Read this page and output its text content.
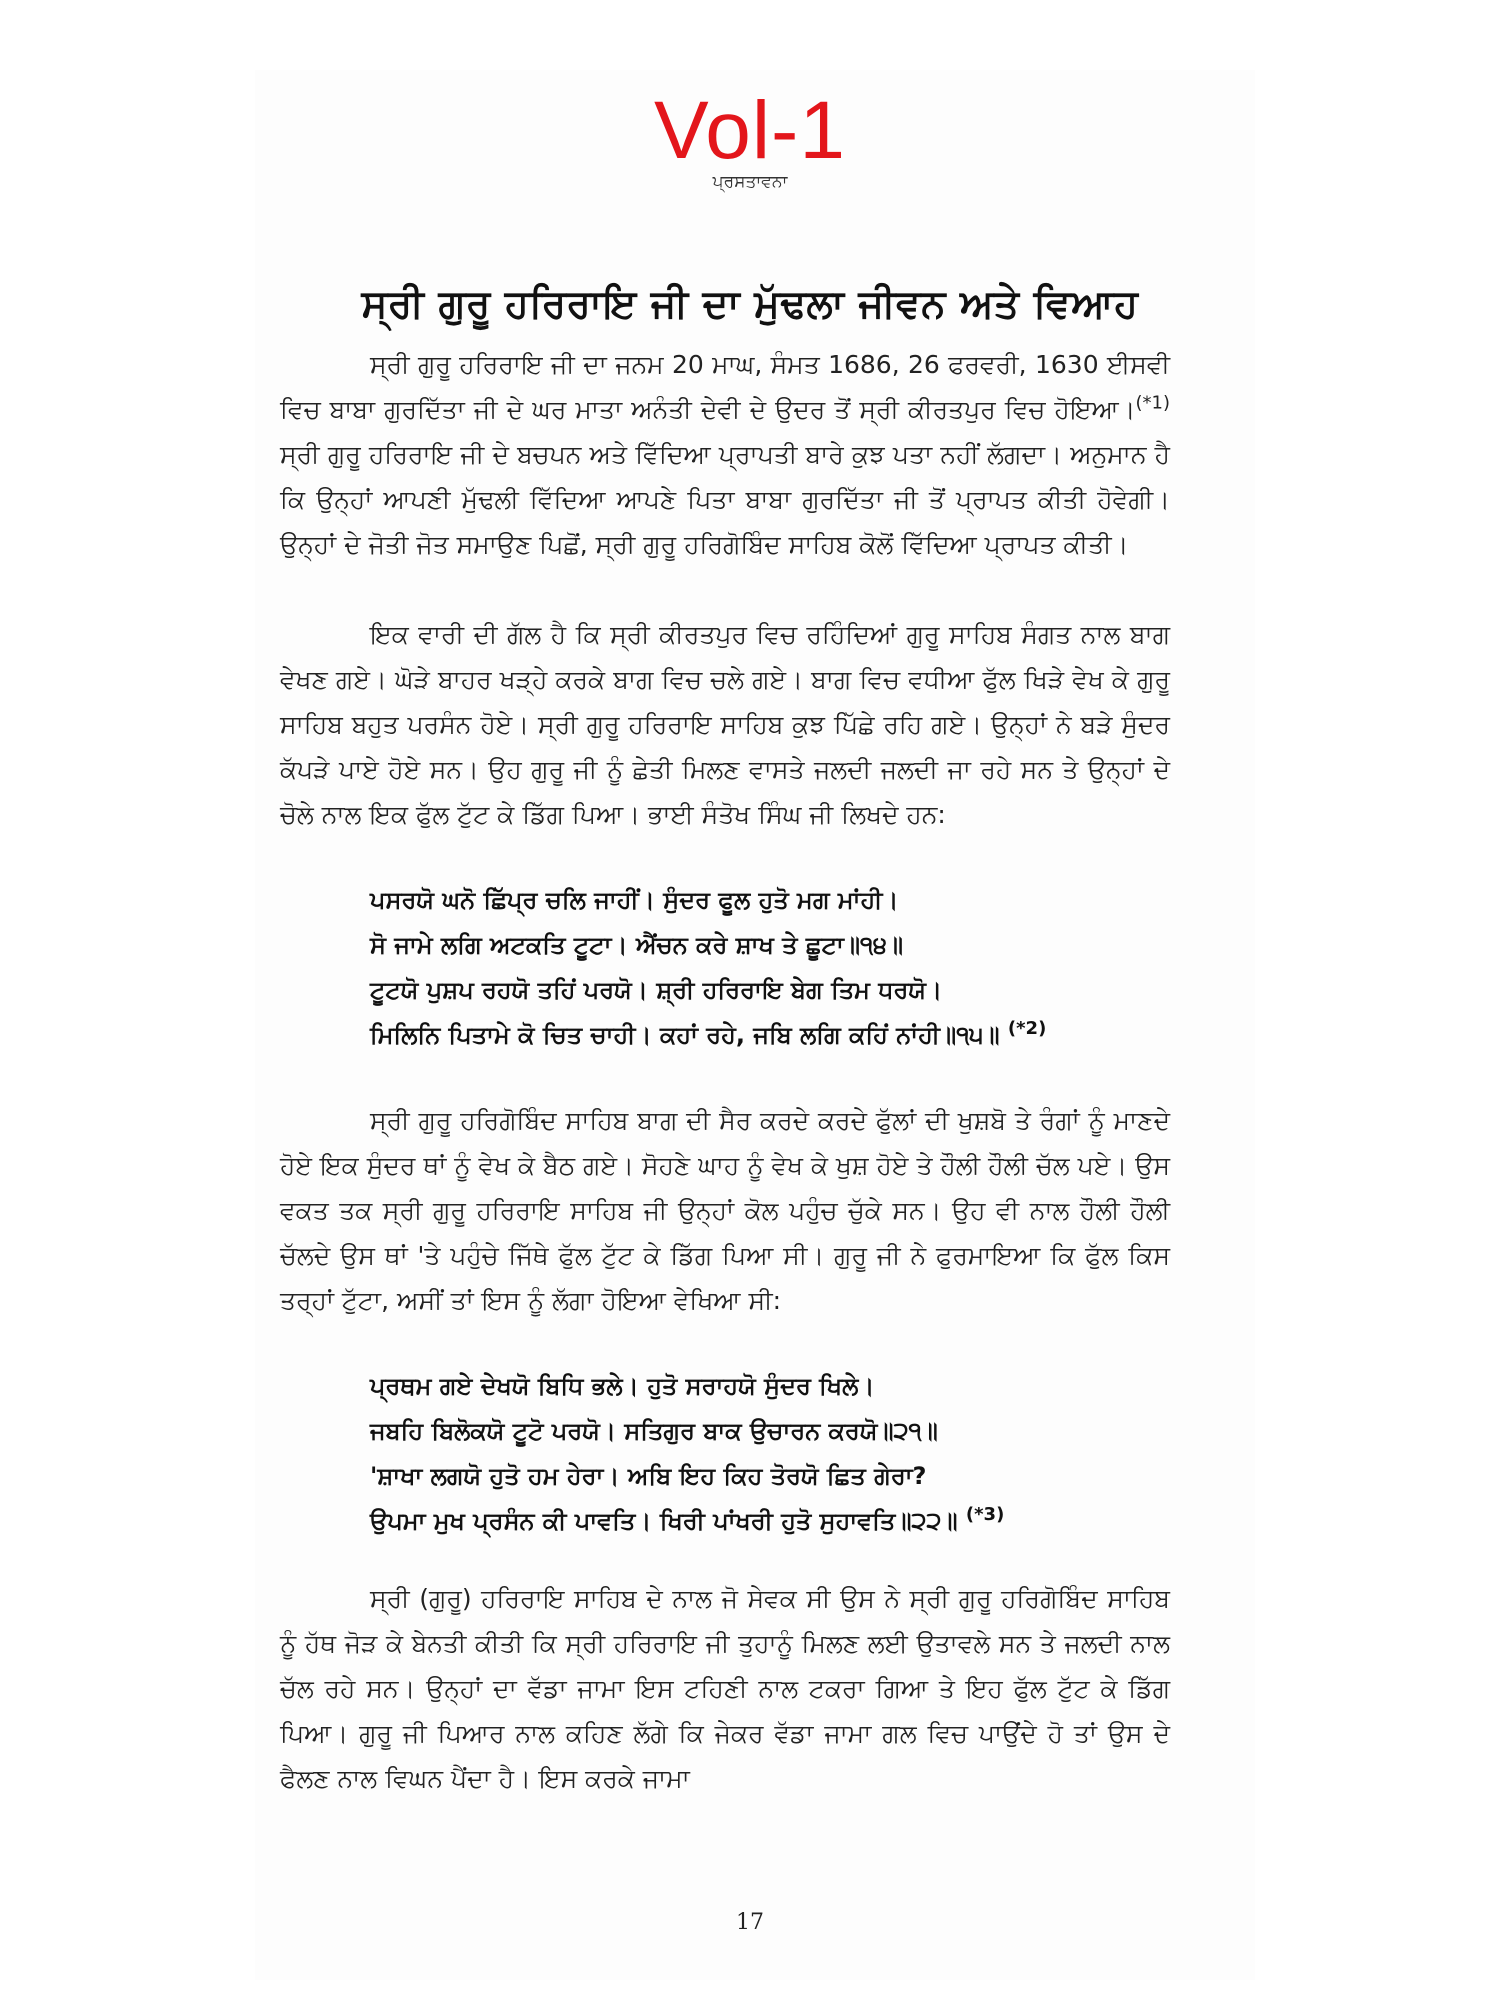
Vol-1
ਪ੍ਰਸਤਾਵਨਾ
ਸ੍ਰੀ ਗੁਰੂ ਹਰਿਰਾਇ ਜੀ ਦਾ ਮੁੱਢਲਾ ਜੀਵਨ ਅਤੇ ਵਿਆਹ
ਸ੍ਰੀ ਗੁਰੂ ਹਰਿਰਾਇ ਜੀ ਦਾ ਜਨਮ 20 ਮਾਘ, ਸੰਮਤ 1686, 26 ਫਰਵਰੀ, 1630 ਈਸਵੀ ਵਿਚ ਬਾਬਾ ਗੁਰਦਿੱਤਾ ਜੀ ਦੇ ਘਰ ਮਾਤਾ ਅਨੰਤੀ ਦੇਵੀ ਦੇ ਉਦਰ ਤੋਂ ਸ੍ਰੀ ਕੀਰਤਪੁਰ ਵਿਚ ਹੋਇਆ।$^{(*1)}$ ਸ੍ਰੀ ਗੁਰੂ ਹਰਿਰਾਇ ਜੀ ਦੇ ਬਚਪਨ ਅਤੇ ਵਿੱਦਿਆ ਪ੍ਰਾਪਤੀ ਬਾਰੇ ਕੁਝ ਪਤਾ ਨਹੀਂ ਲੱਗਦਾ। ਅਨੁਮਾਨ ਹੈ ਕਿ ਉਨ੍ਹਾਂ ਆਪਣੀ ਮੁੱਢਲੀ ਵਿੱਦਿਆ ਆਪਣੇ ਪਿਤਾ ਬਾਬਾ ਗੁਰਦਿੱਤਾ ਜੀ ਤੋਂ ਪ੍ਰਾਪਤ ਕੀਤੀ ਹੋਵੇਗੀ। ਉਨ੍ਹਾਂ ਦੇ ਜੋਤੀ ਜੋਤ ਸਮਾਉਣ ਪਿਛੋਂ, ਸ੍ਰੀ ਗੁਰੂ ਹਰਿਗੋਬਿੰਦ ਸਾਹਿਬ ਕੋਲੋਂ ਵਿੱਦਿਆ ਪ੍ਰਾਪਤ ਕੀਤੀ।
ਇਕ ਵਾਰੀ ਦੀ ਗੱਲ ਹੈ ਕਿ ਸ੍ਰੀ ਕੀਰਤਪੁਰ ਵਿਚ ਰਹਿੰਦਿਆਂ ਗੁਰੂ ਸਾਹਿਬ ਸੰਗਤ ਨਾਲ ਬਾਗ ਵੇਖਣ ਗਏ। ਘੋੜੇ ਬਾਹਰ ਖੜ੍ਹੇ ਕਰਕੇ ਬਾਗ ਵਿਚ ਚਲੇ ਗਏ। ਬਾਗ ਵਿਚ ਵਧੀਆ ਫੁੱਲ ਖਿੜੇ ਵੇਖ ਕੇ ਗੁਰੂ ਸਾਹਿਬ ਬਹੁਤ ਪਰਸੰਨ ਹੋਏ। ਸ੍ਰੀ ਗੁਰੂ ਹਰਿਰਾਇ ਸਾਹਿਬ ਕੁਝ ਪਿੱਛੇ ਰਹਿ ਗਏ। ਉਨ੍ਹਾਂ ਨੇ ਬੜੇ ਸੁੰਦਰ ਕੱਪੜੇ ਪਾਏ ਹੋਏ ਸਨ। ਉਹ ਗੁਰੂ ਜੀ ਨੂੰ ਛੇਤੀ ਮਿਲਣ ਵਾਸਤੇ ਜਲਦੀ ਜਲਦੀ ਜਾ ਰਹੇ ਸਨ ਤੇ ਉਨ੍ਹਾਂ ਦੇ ਚੋਲੇ ਨਾਲ ਇਕ ਫੁੱਲ ਟੁੱਟ ਕੇ ਡਿੱਗ ਪਿਆ। ਭਾਈ ਸੰਤੋਖ ਸਿੰਘ ਜੀ ਲਿਖਦੇ ਹਨ:
ਪਸਰਯੋ ਘਨੋ ਛਿੱਪ੍ਰ ਚਲਿ ਜਾਹੀਂ। ਸੁੰਦਰ ਫੂਲ ਹੁਤੋ ਮਗ ਮਾਂਹੀ।
ਸੋ ਜਾਮੇ ਲਗਿ ਅਟਕਤਿ ਟੂਟਾ। ਐਂਚਨ ਕਰੇ ਸ਼ਾਖ ਤੇ ਛੂਟਾ॥੧੪॥
ਟੂਟਯੋ ਪੁਸ਼ਪ ਰਹਯੋ ਤਹਿਂ ਪਰਯੋ। ਸ਼੍ਰੀ ਹਰਿਰਾਇ ਬੇਗ ਤਿਮ ਧਰਯੋ।
ਮਿਲਿਨਿ ਪਿਤਾਮੇ ਕੋ ਚਿਤ ਚਾਹੀ। ਕਹਾਂ ਰਹੇ, ਜਬਿ ਲਗਿ ਕਹਿਂ ਨਾਂਹੀ॥੧੫॥ $^{(*2)}$
ਸ੍ਰੀ ਗੁਰੂ ਹਰਿਗੋਬਿੰਦ ਸਾਹਿਬ ਬਾਗ ਦੀ ਸੈਰ ਕਰਦੇ ਕਰਦੇ ਫੁੱਲਾਂ ਦੀ ਖੁਸ਼ਬੋ ਤੇ ਰੰਗਾਂ ਨੂੰ ਮਾਣਦੇ ਹੋਏ ਇਕ ਸੁੰਦਰ ਥਾਂ ਨੂੰ ਵੇਖ ਕੇ ਬੈਠ ਗਏ। ਸੋਹਣੇ ਘਾਹ ਨੂੰ ਵੇਖ ਕੇ ਖੁਸ਼ ਹੋਏ ਤੇ ਹੌਲੀ ਹੌਲੀ ਚੱਲ ਪਏ। ਉਸ ਵਕਤ ਤਕ ਸ੍ਰੀ ਗੁਰੂ ਹਰਿਰਾਇ ਸਾਹਿਬ ਜੀ ਉਨ੍ਹਾਂ ਕੋਲ ਪਹੁੰਚ ਚੁੱਕੇ ਸਨ। ਉਹ ਵੀ ਨਾਲ ਹੌਲੀ ਹੌਲੀ ਚੱਲਦੇ ਉਸ ਥਾਂ 'ਤੇ ਪਹੁੰਚੇ ਜਿੱਥੇ ਫੁੱਲ ਟੁੱਟ ਕੇ ਡਿੱਗ ਪਿਆ ਸੀ। ਗੁਰੂ ਜੀ ਨੇ ਫੁਰਮਾਇਆ ਕਿ ਫੁੱਲ ਕਿਸ ਤਰ੍ਹਾਂ ਟੁੱਟਾ, ਅਸੀਂ ਤਾਂ ਇਸ ਨੂੰ ਲੱਗਾ ਹੋਇਆ ਵੇਖਿਆ ਸੀ:
ਪ੍ਰਥਮ ਗਏ ਦੇਖਯੋ ਬਿਧਿ ਭਲੇ। ਹੁਤੋ ਸਰਾਹਯੋ ਸੁੰਦਰ ਖਿਲੇ।
ਜਬਹਿ ਬਿਲੋਕਯੋ ਟੂਟੋ ਪਰਯੋ। ਸਤਿਗੁਰ ਬਾਕ ਉਚਾਰਨ ਕਰਯੋ॥੨੧॥
'ਸ਼ਾਖਾ ਲਗਯੋ ਹੁਤੋ ਹਮ ਹੇਰਾ। ਅਬਿ ਇਹ ਕਿਹ ਤੋਰਯੋ ਛਿਤ ਗੇਰਾ?
ਉਪਮਾ ਮੁਖ ਪ੍ਰਸੰਨ ਕੀ ਪਾਵਤਿ। ਖਿਰੀ ਪਾਂਖਰੀ ਹੁਤੋ ਸੁਹਾਵਤਿ॥੨੨॥ $^{(*3)}$
ਸ੍ਰੀ (ਗੁਰੂ) ਹਰਿਰਾਇ ਸਾਹਿਬ ਦੇ ਨਾਲ ਜੋ ਸੇਵਕ ਸੀ ਉਸ ਨੇ ਸ੍ਰੀ ਗੁਰੂ ਹਰਿਗੋਬਿੰਦ ਸਾਹਿਬ ਨੂੰ ਹੱਥ ਜੋੜ ਕੇ ਬੇਨਤੀ ਕੀਤੀ ਕਿ ਸ੍ਰੀ ਹਰਿਰਾਇ ਜੀ ਤੁਹਾਨੂੰ ਮਿਲਣ ਲਈ ਉਤਾਵਲੇ ਸਨ ਤੇ ਜਲਦੀ ਨਾਲ ਚੱਲ ਰਹੇ ਸਨ। ਉਨ੍ਹਾਂ ਦਾ ਵੱਡਾ ਜਾਮਾ ਇਸ ਟਹਿਣੀ ਨਾਲ ਟਕਰਾ ਗਿਆ ਤੇ ਇਹ ਫੁੱਲ ਟੁੱਟ ਕੇ ਡਿੱਗ ਪਿਆ। ਗੁਰੂ ਜੀ ਪਿਆਰ ਨਾਲ ਕਹਿਣ ਲੱਗੇ ਕਿ ਜੇਕਰ ਵੱਡਾ ਜਾਮਾ ਗਲ ਵਿਚ ਪਾਉਂਦੇ ਹੋ ਤਾਂ ਉਸ ਦੇ ਫੈਲਣ ਨਾਲ ਵਿਘਨ ਪੈਂਦਾ ਹੈ। ਇਸ ਕਰਕੇ ਜਾਮਾ
17
